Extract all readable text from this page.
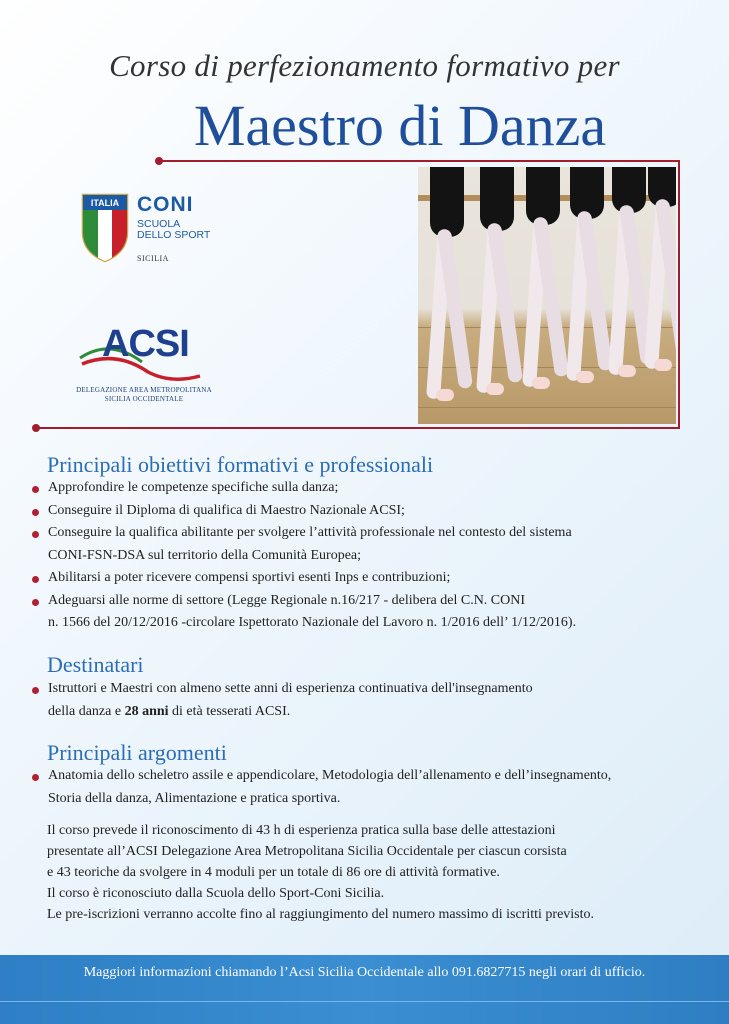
Corso di perfezionamento formativo per
Maestro di Danza
ITALIA CONI
SCUOLA
DELLO SPORT
SICILIA
ACSI
DELEGAZIONE AREA METROPOLITANA
SICILIA OCCIDENTALE
Principali obiettivi formativi e professionali
Approfondire le competenze specifiche sulla danza;
Conseguire il Diploma di qualifica di Maestro Nazionale ACSI;
Conseguire la qualifica abilitante per svolgere l’attività professionale nel contesto del sistema
CONI-FSN-DSA sul territorio della Comunità Europea;
Abilitarsi a poter ricevere compensi sportivi esenti Inps e contribuzioni;
Adeguarsi alle norme di settore (Legge Regionale n.16/217 - delibera del C.N. CONI
n. 1566 del 20/12/2016 -circolare Ispettorato Nazionale del Lavoro n. 1/2016 dell’ 1/12/2016).
Destinatari
Istruttori e Maestri con almeno sette anni di esperienza continuativa dell'insegnamento
della danza e 28 anni di età tesserati ACSI.
Principali argomenti
Anatomia dello scheletro assile e appendicolare, Metodologia dell’allenamento e dell’insegnamento,
Storia della danza, Alimentazione e pratica sportiva.

Il corso prevede il riconoscimento di 43 h di esperienza pratica sulla base delle attestazioni

presentate all’ACSI Delegazione Area Metropolitana Sicilia Occidentale per ciascun corsista

e 43 teoriche da svolgere in 4 moduli per un totale di 86 ore di attività formative.

Il corso è riconosciuto dalla Scuola dello Sport-Coni Sicilia.

Le pre-iscrizioni verranno accolte fino al raggiungimento del numero massimo di iscritti previsto.

Maggiori informazioni chiamando l’Acsi Sicilia Occidentale allo 091.6827715 negli orari di ufficio.
